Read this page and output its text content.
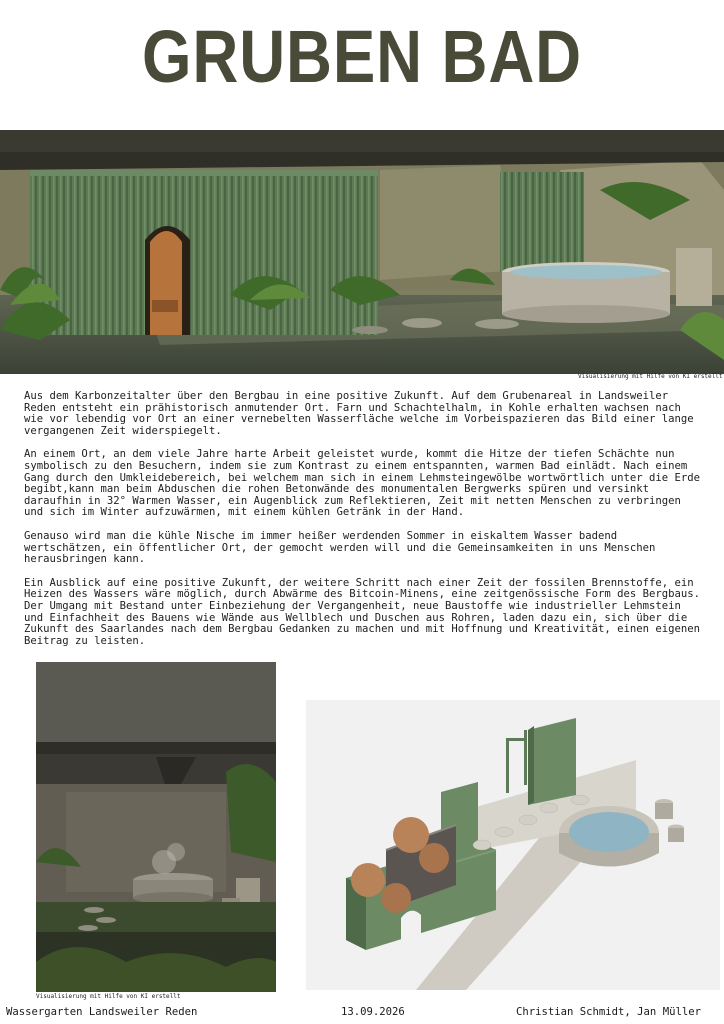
GRUBEN BAD
Visualisierung mit Hilfe von KI erstellt

Aus dem Karbonzeitalter über den Bergbau in eine positive Zukunft. Auf dem Grubenareal in Landsweiler Reden entsteht ein prähistorisch anmutender Ort. Farn und Schachtelhalm, in Kohle erhalten wachsen nach wie vor lebendig vor Ort an einer vernebelten Wasserfläche welche im Vorbeispazieren das Bild einer lange vergangenen Zeit widerspiegelt.

An einem Ort, an dem viele Jahre harte Arbeit geleistet wurde, kommt die Hitze der tiefen Schächte nun symbolisch zu den Besuchern, indem sie zum Kontrast zu einem entspannten, warmen Bad einlädt. Nach einem Gang durch den Umkleidebereich, bei welchem man sich in einem Lehmsteingewölbe wortwörtlich unter die Erde begibt,kann man beim Abduschen die rohen Betonwände des monumentalen Bergwerks spüren und versinkt daraufhin in 32° Warmen Wasser, ein Augenblick zum Reflektieren, Zeit mit netten Menschen zu verbringen und sich im Winter aufzuwärmen, mit einem kühlen Getränk in der Hand.

Genauso wird man die kühle Nische im immer heißer werdenden Sommer in eiskaltem Wasser badend wertschätzen, ein öffentlicher Ort, der gemocht werden will und die Gemeinsamkeiten in uns Menschen herausbringen kann.

Ein Ausblick auf eine positive Zukunft, der weitere Schritt nach einer Zeit der fossilen Brennstoffe, ein Heizen des Wassers wäre möglich, durch Abwärme des Bitcoin-Minens, eine zeitgenössische Form des Bergbaus. Der Umgang mit Bestand unter Einbeziehung der Vergangenheit, neue Baustoffe wie industrieller Lehmstein und Einfachheit des Bauens wie Wände aus Wellblech und Duschen aus Rohren, laden dazu ein, sich über die Zukunft des Saarlandes nach dem Bergbau Gedanken zu machen und mit Hoffnung und Kreativität, einen eigenen Beitrag zu leisten.

Visualisierung mit Hilfe von KI erstellt
Wassergarten Landsweiler Reden	13.09.2026	Christian Schmidt, Jan Müller
